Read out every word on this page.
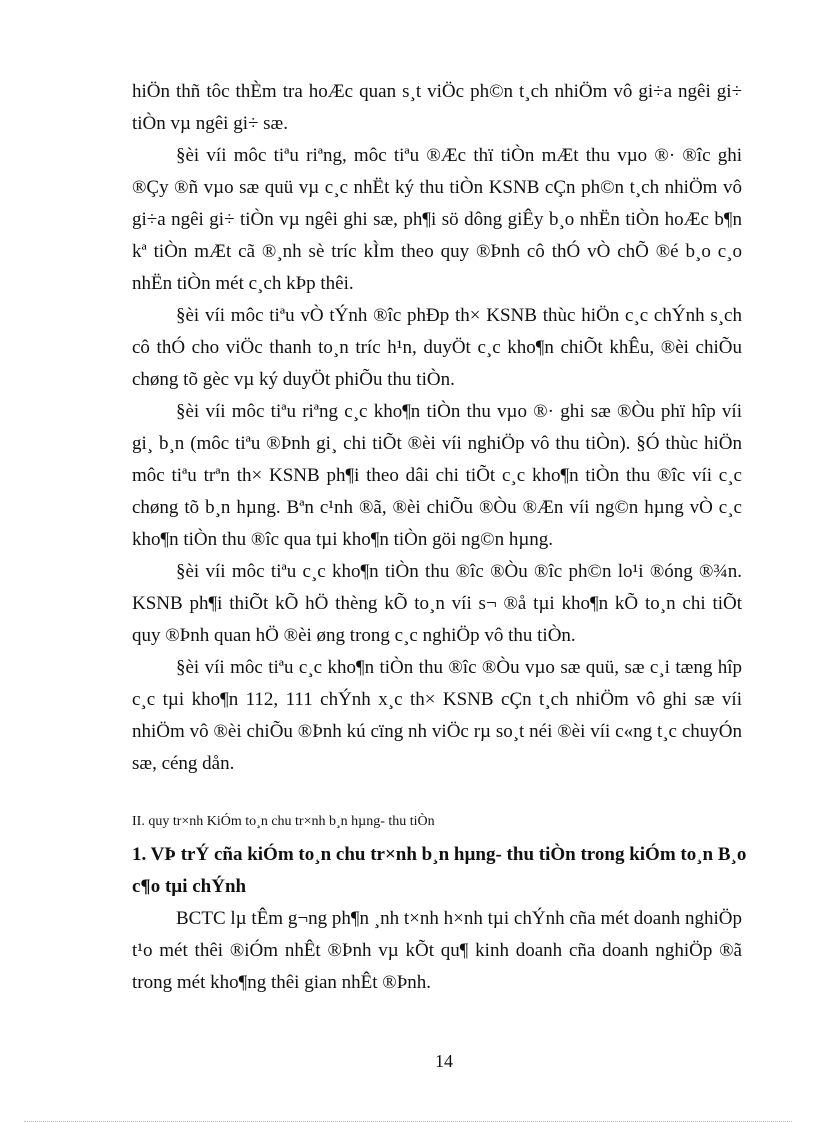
hiÖn thñ tôc thÈm tra hoÆc quan s¸t viÖc ph©n t¸ch nhiÖm vô gi÷a ngêi gi÷ tiÒn vµ ngêi gi÷ sæ.

§èi víi môc tiªu riªng, môc tiªu ®Æc thï tiÒn mÆt thu vµo ®· ®îc ghi ®Çy ®ñ vµo sæ quü vµ c¸c nhËt ký thu tiÒn KSNB cÇn ph©n t¸ch nhiÖm vô gi÷a ngêi gi÷ tiÒn vµ ngêi ghi sæ, ph¶i sö dông giÊy b¸o nhËn tiÒn hoÆc b¶n kª tiÒn mÆt cã ®¸nh sè tríc kÌm theo quy ®Þnh cô thÓ vÒ chÕ ®é b¸o c¸o nhËn tiÒn mét c¸ch kÞp thêi.

§èi víi môc tiªu vÒ tÝnh ®îc phÐp th× KSNB thùc hiÖn c¸c chÝnh s¸ch cô thÓ cho viÖc thanh to¸n tríc h¹n, duyÖt c¸c kho¶n chiÕt khÊu, ®èi chiÕu chøng tõ gèc vµ ký duyÖt phiÕu thu tiÒn.

§èi víi môc tiªu riªng c¸c kho¶n tiÒn thu vµo ®· ghi sæ ®Òu phï hîp víi gi¸ b¸n (môc tiªu ®Þnh gi¸ chi tiÕt ®èi víi nghiÖp vô thu tiÒn). §Ó thùc hiÖn môc tiªu trªn th× KSNB ph¶i theo dâi chi tiÕt c¸c kho¶n tiÒn thu ®îc víi c¸c chøng tõ b¸n hµng. Bªn c¹nh ®ã, ®èi chiÕu ®Òu ®Æn víi ng©n hµng vÒ c¸c kho¶n tiÒn thu ®îc qua tµi kho¶n tiÒn göi ng©n hµng.

§èi víi môc tiªu c¸c kho¶n tiÒn thu ®îc ®Òu ®îc ph©n lo¹i ®óng ®¾n. KSNB ph¶i thiÕt kÕ hÖ thèng kÕ to¸n víi s¬ ®å tµi kho¶n kÕ to¸n chi tiÕt quy ®Þnh quan hÖ ®èi øng trong c¸c nghiÖp vô thu tiÒn.

§èi víi môc tiªu c¸c kho¶n tiÒn thu ®îc ®Òu vµo sæ quü, sæ c¸i tæng hîp c¸c tµi kho¶n 112, 111 chÝnh x¸c th× KSNB cÇn t¸ch nhiÖm vô ghi sæ víi nhiÖm vô ®èi chiÕu ®Þnh kú cïng nh viÖc rµ so¸t néi ®èi víi c«ng t¸c chuyÓn sæ, céng dån.

II. quy tr×nh KiÓm to¸n chu tr×nh b¸n hµng- thu tiÒn
1. VÞ trÝ cña kiÓm to¸n chu tr×nh b¸n hµng- thu tiÒn trong kiÓm to¸n B¸o c¶o tµi chÝnh

BCTC lµ tÊm g¬ng ph¶n ¸nh t×nh h×nh tµi chÝnh cña mét doanh nghiÖp t¹o mét thêi ®iÓm nhÊt ®Þnh vµ kÕt qu¶ kinh doanh cña doanh nghiÖp ®ã trong mét kho¶ng thêi gian nhÊt ®Þnh.

14
